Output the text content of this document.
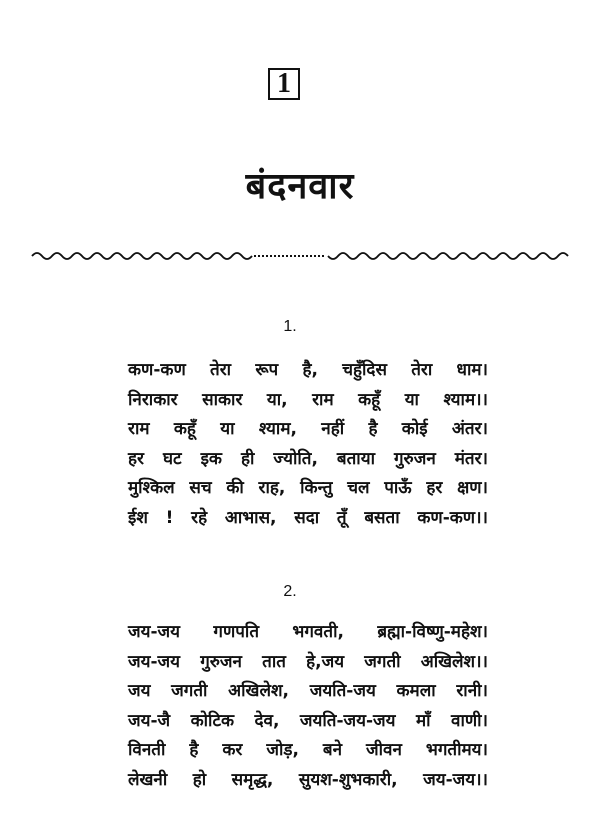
1
बंदनवार
1.
कण-कण तेरा रूप है, चहुँदिस तेरा धाम।
निराकार साकार या, राम कहूँ या श्याम।।
राम कहूँ या श्याम, नहीं है कोई अंतर।
हर घट इक ही ज्योति, बताया गुरुजन मंतर।
मुश्किल सच की राह, किन्तु चल पाऊँ हर क्षण।
ईश ! रहे आभास, सदा तूँ बसता कण-कण।।
2.
जय-जय गणपति भगवती, ब्रह्मा-विष्णु-महेश।
जय-जय गुरुजन तात हे,जय जगती अखिलेश।।
जय जगती अखिलेश, जयति-जय कमला रानी।
जय-जै कोटिक देव, जयति-जय-जय माँ वाणी।
विनती है कर जोड़, बने जीवन भगतीमय।
लेखनी हो समृद्ध, सुयश-शुभकारी, जय-जय।।
